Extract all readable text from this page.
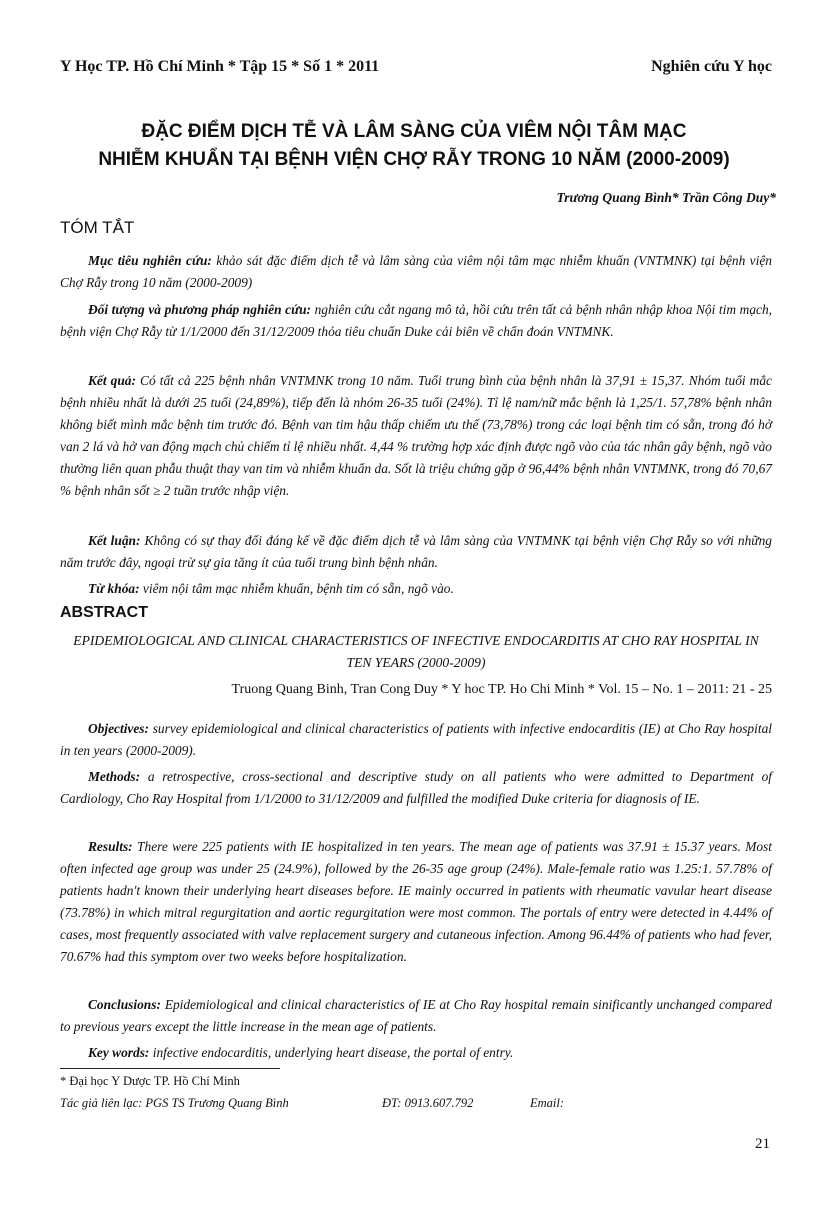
Y Học TP. Hồ Chí Minh * Tập 15 * Số 1 * 2011	Nghiên cứu Y học
ĐẶC ĐIỂM DỊCH TỄ VÀ LÂM SÀNG CỦA VIÊM NỘI TÂM MẠC
NHIỄM KHUẨN TẠI BỆNH VIỆN CHỢ RẪY TRONG 10 NĂM (2000-2009)
Trương Quang Bình* Trần Công Duy*
TÓM TẮT
Mục tiêu nghiên cứu: khảo sát đặc điểm dịch tễ và lâm sàng của viêm nội tâm mạc nhiễm khuẩn (VNTMNK) tại bệnh viện Chợ Rẫy trong 10 năm (2000-2009)
Đối tượng và phương pháp nghiên cứu: nghiên cứu cắt ngang mô tả, hồi cứu trên tất cả bệnh nhân nhập khoa Nội tim mạch, bệnh viện Chợ Rẫy từ 1/1/2000 đến 31/12/2009 thỏa tiêu chuẩn Duke cải biên về chẩn đoán VNTMNK.
Kết quả: Có tất cả 225 bệnh nhân VNTMNK trong 10 năm. Tuổi trung bình của bệnh nhân là 37,91 ± 15,37. Nhóm tuổi mắc bệnh nhiều nhất là dưới 25 tuổi (24,89%), tiếp đến là nhóm 26-35 tuổi (24%). Tỉ lệ nam/nữ mắc bệnh là 1,25/1. 57,78% bệnh nhân không biết mình mắc bệnh tim trước đó. Bệnh van tim hậu thấp chiếm ưu thế (73,78%) trong các loại bệnh tim có sẵn, trong đó hở van 2 lá và hở van động mạch chủ chiếm tỉ lệ nhiều nhất. 4,44 % trường hợp xác định được ngõ vào của tác nhân gây bệnh, ngõ vào thường liên quan phẫu thuật thay van tim và nhiễm khuẩn da. Sốt là triệu chứng gặp ở 96,44% bệnh nhân VNTMNK, trong đó 70,67 % bệnh nhân sốt ≥ 2 tuần trước nhập viện.
Kết luận: Không có sự thay đổi đáng kể về đặc điểm dịch tễ và lâm sàng của VNTMNK tại bệnh viện Chợ Rẫy so với những năm trước đây, ngoại trừ sự gia tăng ít của tuổi trung bình bệnh nhân.
Từ khóa: viêm nội tâm mạc nhiễm khuẩn, bệnh tim có sẵn, ngõ vào.
ABSTRACT
EPIDEMIOLOGICAL AND CLINICAL CHARACTERISTICS OF INFECTIVE ENDOCARDITIS AT CHO RAY HOSPITAL IN TEN YEARS (2000-2009)
Truong Quang Binh, Tran Cong Duy * Y hoc TP. Ho Chi Minh * Vol. 15 – No. 1 – 2011: 21 - 25
Objectives: survey epidemiological and clinical characteristics of patients with infective endocarditis (IE) at Cho Ray hospital in ten years (2000-2009).
Methods: a retrospective, cross-sectional and descriptive study on all patients who were admitted to Department of Cardiology, Cho Ray Hospital from 1/1/2000 to 31/12/2009 and fulfilled the modified Duke criteria for diagnosis of IE.
Results: There were 225 patients with IE hospitalized in ten years. The mean age of patients was 37.91 ± 15.37 years. Most often infected age group was under 25 (24.9%), followed by the 26-35 age group (24%). Male-female ratio was 1.25:1. 57.78% of patients hadn't known their underlying heart diseases before. IE mainly occurred in patients with rheumatic vavular heart disease (73.78%) in which mitral regurgitation and aortic regurgitation were most common. The portals of entry were detected in 4.44% of cases, most frequently associated with valve replacement surgery and cutaneous infection. Among 96.44% of patients who had fever, 70.67% had this symptom over two weeks before hospitalization.
Conclusions: Epidemiological and clinical characteristics of IE at Cho Ray hospital remain sinificantly unchanged compared to previous years except the little increase in the mean age of patients.
Key words: infective endocarditis, underlying heart disease, the portal of entry.
* Đại học Y Dược TP. Hồ Chí Minh
Tác giả liên lạc: PGS TS Trương Quang Bình	ĐT: 0913.607.792	Email:
21
